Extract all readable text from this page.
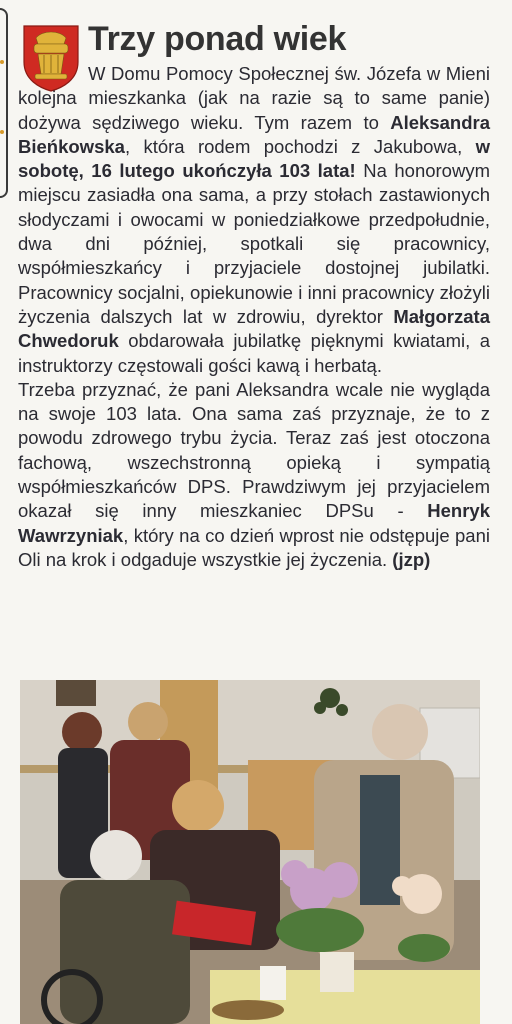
Trzy ponad wiek

W Domu Pomocy Społecznej św. Józefa w Mieni kolejna mieszkanka (jak na razie są to same panie) dożywa sędziwego wieku. Tym razem to Aleksandra Bieńkowska, która rodem pochodzi z Jakubowa, w sobotę, 16 lutego ukończyła 103 lata! Na honorowym miejscu zasiadła ona sama, a przy stołach zastawionych słodyczami i owocami w poniedziałkowe przedpołudnie, dwa dni później, spotkali się pracownicy, współmieszkańcy i przyjaciele dostojnej jubilatki. Pracownicy socjalni, opiekunowie i inni pracownicy złożyli życzenia dalszych lat w zdrowiu, dyrektor Małgorzata Chwedoruk obdarowała jubilatkę pięknymi kwiatami, a instruktorzy częstowali gości kawą i herbatą.

Trzeba przyznać, że pani Aleksandra wcale nie wygląda na swoje 103 lata. Ona sama zaś przyznaje, że to z powodu zdrowego trybu życia. Teraz zaś jest otoczona fachową, wszechstronną opieką i sympatią współmieszkańców DPS. Prawdziwym jej przyjacielem okazał się inny mieszkaniec DPSu - Henryk Wawrzyniak, który na co dzień wprost nie odstępuje pani Oli na krok i odgaduje wszystkie jej życzenia. (jzp)
